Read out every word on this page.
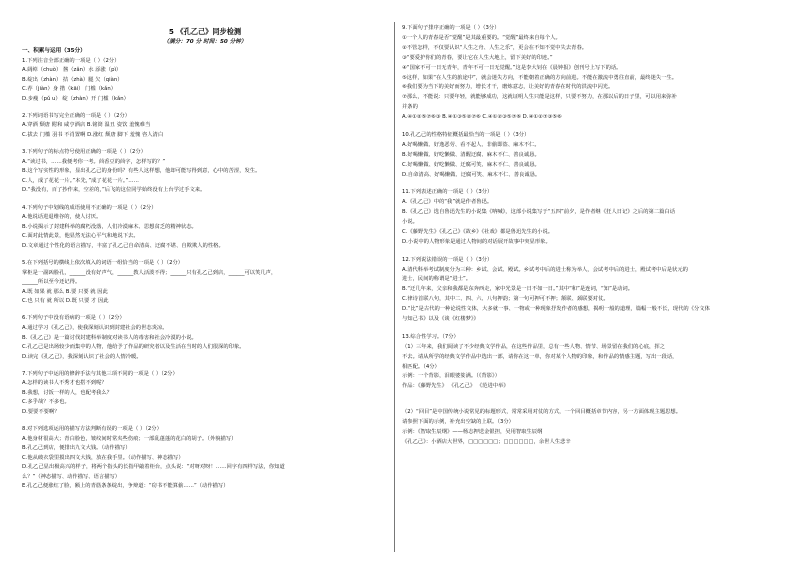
5 《孔乙己》同步检测
（满分：70 分 时间：50 分钟）
一、积累与运用（35分）
1.下列注音全部正确的一项是（ ）（2分）
A.阔绰（chuò） 酱（zǎn）水 添涨（pì）
B.绽出（zhàn） 拮（zhà）腿 欠（qiàn）
C.荐（jiàn）身 揩（kāi） 门槛（kǎn）
D.步瘦（pǔ u） 绽（zhàn）开 门槛（kǎn）
2.下列词语书写完全正确的一项是（ ）（2分）
A.穿酒 颓唐 附和 咸亨酒店 B.铭筒 温丑 姿饮 羞愧难当
C.拔去 门槛 羽书 不肖置啊 D.涨红 颓唐 脚下 羞愧 咨人清白
3.下列句子的标点符号使用正确的一项是（ ）（2分）
A.“读过书，……我便考你一考。茴香豆的茴字，怎样写的？”
B.这个写实性的形象，显出孔乙己的身份吗？有些人这样想，他却可能写得到意，心中的苦涩，发生。
C.人，成了花花一片。”本先，”成了花花一片。”……
D.“我没有，百了抄作来，空差的，”后飞的这位同学始终没有上台学过手文来。
4.下列句子中划线的成语使用不正确的一项是（ ）（2分）
A.他说话进退维谷的，使人讨厌。
B.小说揭示了封建科举的腐朽没落，人们冷漠麻木、思想贫乏的精神状态。
C.面对此情此景，他显然无法心平气和地说下去。
D.文章通过个性化的语言描写，丰富了孔乙己自命清高、迂腐不堪、自欺欺人的性格。
5.在下列括号的横线上依次填入的词语一组恰当的一项是（ ）（2分）
掌柜是一副凶脸孔，______没有好声气，______教人活泼不得；______只有孔乙己到店，______可以笑几声，
______所以至今还记得。
A.既 如果 就 那么 B.要 只要 就 因此
C.也 只有 就 所以 D.既 只要 才 因此
6.下列句子中没有语病的一项是（ ）（2分）
A.通过学习《孔乙己》，使我深刻认识到封建社会的世态炎凉。
B.《孔乙己》是一篇讨伐封建科举制度对读书人的毒害和社会冷漠的小说。
C.孔乙己是出场较少而集中的人物，他给予了作品的研究者以及生活在当时的人们很深的印象。
D.读完《孔乙己》，我深刻认识了社会的人情冷暖。
7.下列句子中运用的修辞手法与其他三项不同的一项是（ ）（2分）
A.怎样的读书人不秀才也搭不到呢？
B.我想，讨饭一样的人，也配考我么？
C.多乎哉？不多也。
D.要要不要啊？
8.对下列选项运用的描写方法判断有误的一项是（ ）（2分）
A.他身材很高大；青白脸色，皱纹间时常夹些伤痕；一部乱蓬蓬的花白的胡子。（外貌描写）
B.孔乙己到店，便排出九文大钱。（动作描写）
C.他从破衣袋里摸出四文大钱，放在我手里。（动作描写、神态描写）
D.孔乙己显出极高兴的样子，将两个指头的长指甲敲着柜台，点头说：“对呀对呀！……回字有四样写法，你知道
么？”（神态描写、动作描写、语言描写）
E.孔乙己便涨红了脸，额上的青筋条条绽出，争辩道：“窃书不能算偷……”（动作描写）
9.下面句子排序正确的一项是（ ）（3分）
①一个人的青春是否“觉醒”是其最重要的。“觉醒”最终来自每个人。
②不管怎样，不仅要认识“人生之舟、人生之乐”，更会在不知不觉中失去青春。
③“要爱护你们的青春，要让它在人生大地上，留下美好的印迹。”
④“国家不可一日无青年，青年不可一日无觉醒。”这是李大钊在《晨钟报》创刊号上写下的话。
⑤这样，如果“在人生的旅途中”，就会迷失方向，不能朝着正确的方向前进。不能在激流中勇往直前，最终迷失一生。
⑥我们要为当下的美好而努力，增长才干，磨炼意志，让美好的青春在时代的洪流中闪光。
⑦那么，不能说：只要年轻，就能够成功，这就证明人生只能是这样，只要不努力，在那以后的日子里，可以用来弥补
并条的
A.④①②⑤⑦⑥③ B.④①③⑤②⑦⑥ C.④①②③⑤⑦⑥ D.④①②⑦③⑤⑥
10.孔乙己的性格特征概括最恰当的一项是（ ）（3分）
A.好喝懒做、好逸恶劳、看不起人、非偷即盗、麻木不仁。
B.好喝懒做、好吃懒做、清醒迂腐、麻木不仁、善良诚恳。
C.好喝懒做、好吃懒做、迂腐可笑、麻木不仁、善良诚恳。
D.自命清高、好喝懒做、迂腐可笑、麻木不仁、善良诚恳。
11.下列表述正确的一项是（ ）（3分）
A.《孔乙己》中的“我”就是作者鲁迅。
B.《孔乙己》选自鲁迅先生的小说集《呐喊》，这部小说集写于“五四”前夕，是作者继《狂人日记》之后的第二篇白话
小说。
C.《藤野先生》《孔乙己》《故乡》《社戏》都是鲁迅先生的小说。
D.小说中的人物形象是通过人物间的对话展开故事中突显形象。
12.下列说法错误的一项是（ ）（3分）
A.清代科举考试制度分为三种：乡试、会试、殿试。乡试考中后的进士称为举人，会试考中后的进士，殿试考中后是状元的
进士，民间的称谓是“进士”。
B.“迂几年来，父亲和我都是东奔西走，家中光景是一日不如一日。”其中“和”是连词，“知”是动词。
C.律诗首联八句，其中二、四、六、八句押韵；第一句可押可不押；颔联、颈联要对仗。
D.“比”是古代的一种论说性文体，大多就一事、一物或一种现象抒发作者的感想，揭明一般的道理，篇幅一般不长，现代的《分文体
与知己书》以及《谈《红楼梦》》
13.综合性学习。（7分）
（1）三年来，我们阅读了不少经典文学作品，在这些作品里，总有一些人物、情节、场景留在我们的心底，挥之
不去。请从所学的经典文学作品中选出一部，请你在这一单，你对某个人物的印象，和作品的情感主题，写出一段话，
相匹配。（4分）
示例：一个背影，泪眼婆娑满。（《背影》）
作品：《藤野先生》 《孔乙己》 《范进中举》
（2）“回目”是中国传统小说常见的标题形式，常常采用对仗的方式，一个回目概括章节内容，另一方面体现主题思想。
请参照下面的示例，补充出空缺的上联。（3分）
示例：《智取生辰纲》——杨志押送金银担，吴用智取生辰纲
《孔乙己》：小酒店大世界，□□□□□□；□□□□□□，余世人生悲辛
